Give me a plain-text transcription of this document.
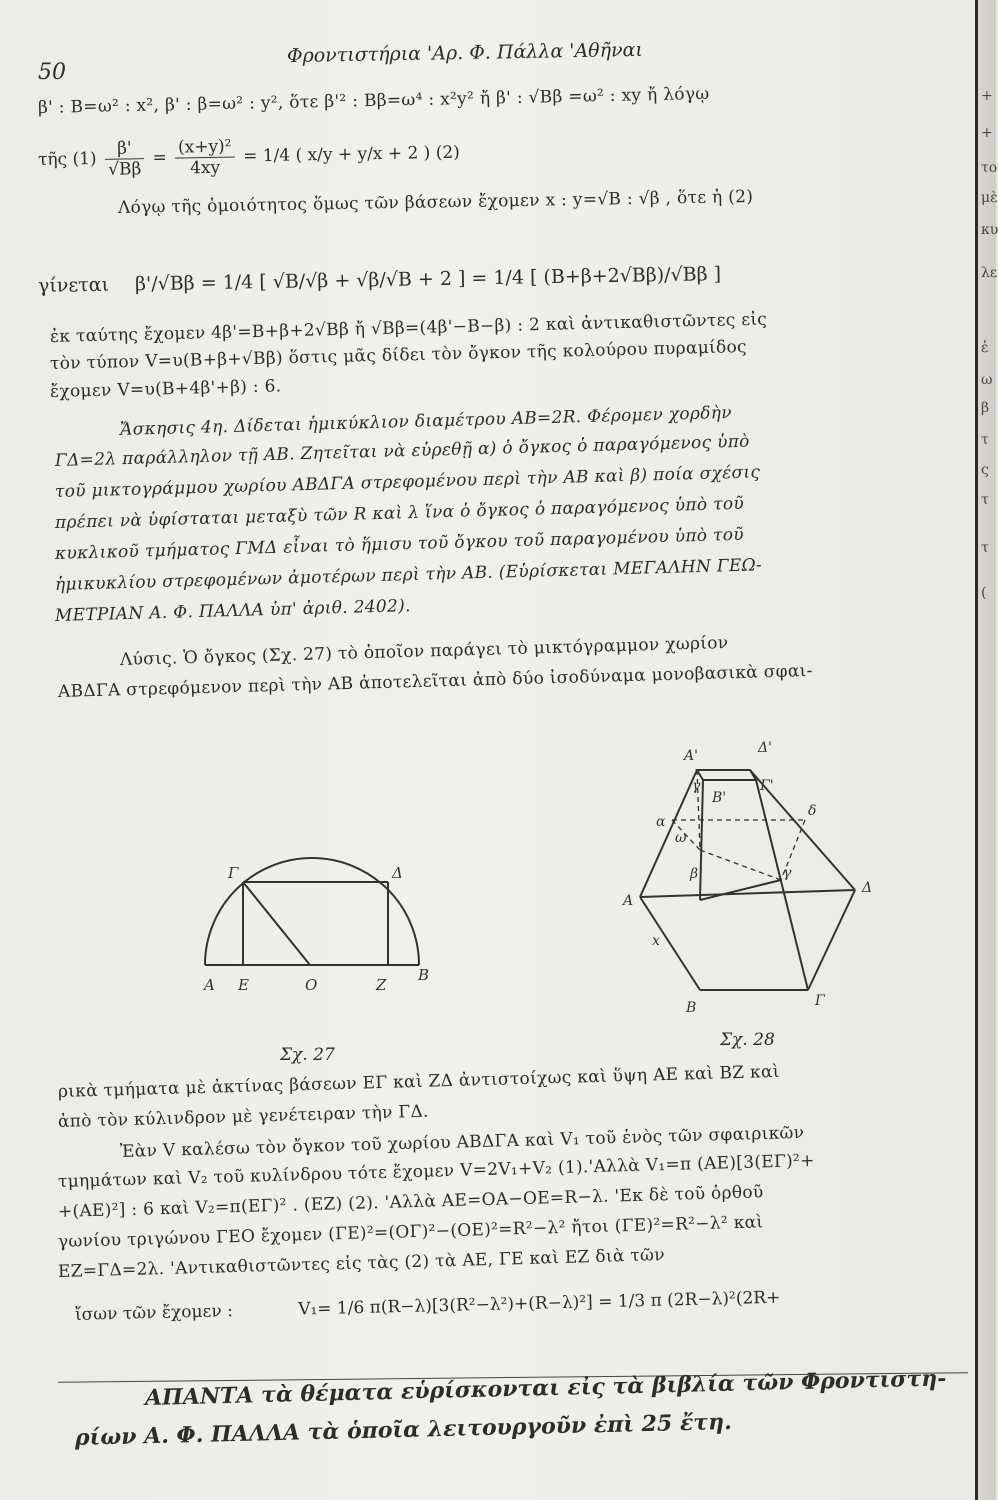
+
+
τo
μὲ
κυ
λε
ἐ
ω
β
τ
ς
τ
τ
(
50
Φροντιστήρια 'Αρ. Φ. Πάλλα 'Αθῆναι
β' : Β=ω² : x², β' : β=ω² : y², ὅτε β'² : Ββ=ω⁴ : x²y² ἤ β' : √Ββ =ω² : xy ἤ λόγῳ
τῆς $(1) \frac{\beta'}{√B\beta} = \frac{\text{(x+y)²}}{4xy} = 1/4$ ( x/y + y/x + 2 ) (2)
Λόγῳ τῆς ὁμοιότητος ὅμως τῶν βάσεων ἔχομεν x : y=√Β : √β , ὅτε ἡ (2)
γίνεται β'/√Ββ = 1/4 [ √Β/√β + √β/√Β + 2 ] = 1/4 [ (Β+β+2√Ββ)/√Ββ ]
ἐκ ταύτης ἔχομεν 4β'=Β+β+2√Ββ ἤ √Ββ=(4β'−Β−β) : 2 καὶ ἀντικαθιστῶντες εἰς
τὸν τύπον V=υ(Β+β+√Ββ) ὅστις μᾶς δίδει τὸν ὄγκον τῆς κολούρου πυραμίδος
ἔχομεν V=υ(Β+4β'+β) : 6.
Ἄσκησις 4η. Δίδεται ἡμικύκλιον διαμέτρου ΑΒ=2R. Φέρομεν χορδὴν
ΓΔ=2λ παράλληλον τῇ ΑΒ. Ζητεῖται νὰ εὑρεθῇ α) ὁ ὄγκος ὁ παραγόμενος ὑπὸ
τοῦ μικτογράμμου χωρίου ΑΒΔΓΑ στρεφομένου περὶ τὴν ΑΒ καὶ β) ποία σχέσις
πρέπει νὰ ὑφίσταται μεταξὺ τῶν R καὶ λ ἵνα ὁ ὄγκος ὁ παραγόμενος ὑπὸ τοῦ
κυκλικοῦ τμήματος ΓΜΔ εἶναι τὸ ἥμισυ τοῦ ὄγκου τοῦ παραγομένου ὑπὸ τοῦ
ἡμικυκλίου στρεφομένων ἀμοτέρων περὶ τὴν ΑΒ. (Εὑρίσκεται ΜΕΓΑΛΗΝ ΓΕΩ-
ΜΕΤΡΙΑΝ Α. Φ. ΠΑΛΛΑ ὑπ' ἀριθ. 2402).
Λύσις. Ὁ ὄγκος (Σχ. 27) τὸ ὁποῖον παράγει τὸ μικτόγραμμον χωρίον
ΑΒΔΓΑ στρεφόμενον περὶ τὴν ΑΒ ἀποτελεῖται ἀπὸ δύο ἰσοδύναμα μονοβασικὰ σφαι-
Γ	Δ
Α Ε	Ο	Ζ
Β
Σχ. 27
Α'	Δ'
Β'
Γ'
γ
α
δ
ω
β	γ
Α
Δ
x
Β	Γ
Σχ. 28
ρικὰ τμήματα μὲ ἀκτίνας βάσεων ΕΓ καὶ ΖΔ ἀντιστοίχως καὶ ὕψη ΑΕ καὶ ΒΖ καὶ
ἀπὸ τὸν κύλινδρον μὲ γενέτειραν τὴν ΓΔ.
Ἐὰν V καλέσω τὸν ὄγκον τοῦ χωρίου ΑΒΔΓΑ καὶ V₁ τοῦ ἑνὸς τῶν σφαιρικῶν
τμημάτων καὶ V₂ τοῦ κυλίνδρου τότε ἔχομεν V=2V₁+V₂ (1).'Αλλὰ V₁=π (ΑΕ)[3(ΕΓ)²+
+(ΑΕ)²] : 6 καὶ V₂=π(ΕΓ)² . (ΕΖ) (2). 'Αλλὰ ΑΕ=ΟΑ−ΟΕ=R−λ. 'Εκ δὲ τοῦ ὀρθοῦ
γωνίου τριγώνου ΓΕΟ ἔχομεν (ΓΕ)²=(ΟΓ)²−(ΟΕ)²=R²−λ² ἤτοι (ΓΕ)²=R²−λ² καὶ
ΕΖ=ΓΔ=2λ. 'Αντικαθιστῶντες εἰς τὰς (2) τὰ ΑΕ, ΓΕ καὶ ΕΖ διὰ τῶν
ἴσων τῶν ἔχομεν :	V₁= 1/6 π(R−λ)[3(R²−λ²)+(R−λ)²] = 1/3 π (2R−λ)²(2R+
ΑΠΑΝΤΑ τὰ θέματα εὑρίσκονται εἰς τὰ βιβλία τῶν Φροντιστη-
ρίων Α. Φ. ΠΑΛΛΑ τὰ ὁποῖα λειτουργοῦν ἐπὶ 25 ἔτη.
